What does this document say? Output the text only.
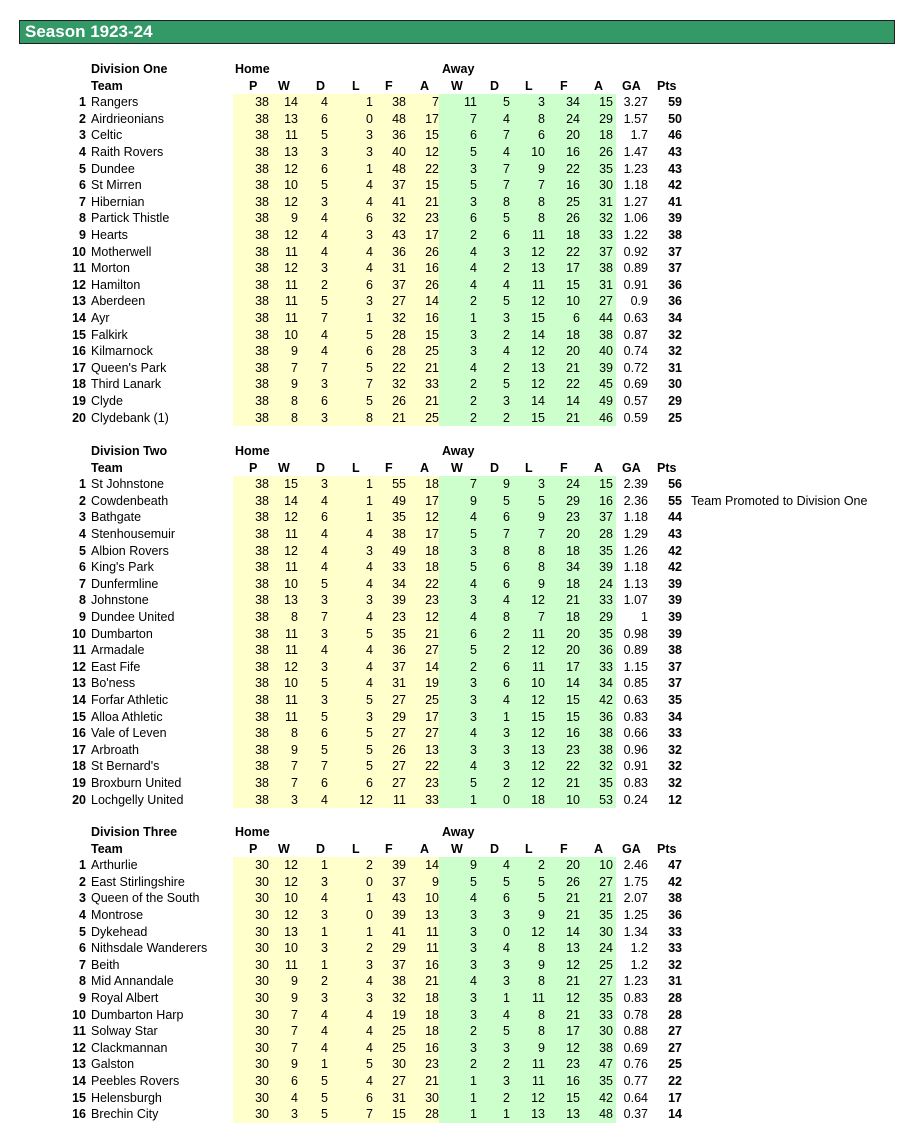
Season 1923-24
Division One	Home	Away
Team	P W D L F A W D L F A GA Pts
1 Rangers	38	14	4	1	38	7	11	5	3	34	15 3.27	59
2 Airdrieonians	38	13	6	0	48	17	7	4	8	24	29 1.57	50
3 Celtic	38	11	5	3	36	15	6	7	6	20	18	1.7	46
4 Raith Rovers	38	13	3	3	40	12	5	4	10	16	26 1.47	43
5 Dundee	38	12	6	1	48	22	3	7	9	22	35 1.23	43
6 St Mirren	38	10	5	4	37	15	5	7	7	16	30 1.18	42
7 Hibernian	38	12	3	4	41	21	3	8	8	25	31 1.27	41
8 Partick Thistle	38	9	4	6	32	23	6	5	8	26	32 1.06	39
9 Hearts	38	12	4	3	43	17	2	6	11	18	33 1.22	38
10 Motherwell	38	11	4	4	36	26	4	3	12	22	37 0.92	37
11 Morton	38	12	3	4	31	16	4	2	13	17	38 0.89	37
12 Hamilton	38	11	2	6	37	26	4	4	11	15	31 0.91	36
13 Aberdeen	38	11	5	3	27	14	2	5	12	10	27	0.9	36
14 Ayr	38	11	7	1	32	16	1	3	15	6	44 0.63	34
15 Falkirk	38	10	4	5	28	15	3	2	14	18	38 0.87	32
16 Kilmarnock	38	9	4	6	28	25	3	4	12	20	40 0.74	32
17 Queen's Park	38	7	7	5	22	21	4	2	13	21	39 0.72	31
18 Third Lanark	38	9	3	7	32	33	2	5	12	22	45 0.69	30
19 Clyde	38	8	6	5	26	21	2	3	14	14	49 0.57	29
20 Clydebank (1)	38	8	3	8	21	25	2	2	15	21	46 0.59	25
Division Two	Home	Away
Team	P W D L F A W D L F A GA Pts
1 St Johnstone	38	15	3	1	55	18	7	9	3	24	15 2.39	56
2 Cowdenbeath	38	14	4	1	49	17	9	5	5	29	16 2.36	55 Team Promoted to Division One
3 Bathgate	38	12	6	1	35	12	4	6	9	23	37 1.18	44
4 Stenhousemuir	38	11	4	4	38	17	5	7	7	20	28 1.29	43
5 Albion Rovers	38	12	4	3	49	18	3	8	8	18	35 1.26	42
6 King's Park	38	11	4	4	33	18	5	6	8	34	39 1.18	42
7 Dunfermline	38	10	5	4	34	22	4	6	9	18	24 1.13	39
8 Johnstone	38	13	3	3	39	23	3	4	12	21	33 1.07	39
9 Dundee United	38	8	7	4	23	12	4	8	7	18	29	1	39
10 Dumbarton	38	11	3	5	35	21	6	2	11	20	35 0.98	39
11 Armadale	38	11	4	4	36	27	5	2	12	20	36 0.89	38
12 East Fife	38	12	3	4	37	14	2	6	11	17	33 1.15	37
13 Bo'ness	38	10	5	4	31	19	3	6	10	14	34 0.85	37
14 Forfar Athletic	38	11	3	5	27	25	3	4	12	15	42 0.63	35
15 Alloa Athletic	38	11	5	3	29	17	3	1	15	15	36 0.83	34
16 Vale of Leven	38	8	6	5	27	27	4	3	12	16	38 0.66	33
17 Arbroath	38	9	5	5	26	13	3	3	13	23	38 0.96	32
18 St Bernard's	38	7	7	5	27	22	4	3	12	22	32 0.91	32
19 Broxburn United	38	7	6	6	27	23	5	2	12	21	35 0.83	32
20 Lochgelly United	38	3	4	12	11	33	1	0	18	10	53 0.24	12
Division Three	Home	Away
Team	P W D L F A W D L F A GA Pts
1 Arthurlie	30	12	1	2	39	14	9	4	2	20	10 2.46	47
2 East Stirlingshire	30	12	3	0	37	9	5	5	5	26	27 1.75	42
3 Queen of the South	30	10	4	1	43	10	4	6	5	21	21 2.07	38
4 Montrose	30	12	3	0	39	13	3	3	9	21	35 1.25	36
5 Dykehead	30	13	1	1	41	11	3	0	12	14	30 1.34	33
6 Nithsdale Wanderers	30	10	3	2	29	11	3	4	8	13	24	1.2	33
7 Beith	30	11	1	3	37	16	3	3	9	12	25	1.2	32
8 Mid Annandale	30	9	2	4	38	21	4	3	8	21	27 1.23	31
9 Royal Albert	30	9	3	3	32	18	3	1	11	12	35 0.83	28
10 Dumbarton Harp	30	7	4	4	19	18	3	4	8	21	33 0.78	28
11 Solway Star	30	7	4	4	25	18	2	5	8	17	30 0.88	27
12 Clackmannan	30	7	4	4	25	16	3	3	9	12	38 0.69	27
13 Galston	30	9	1	5	30	23	2	2	11	23	47 0.76	25
14 Peebles Rovers	30	6	5	4	27	21	1	3	11	16	35 0.77	22
15 Helensburgh	30	4	5	6	31	30	1	2	12	15	42 0.64	17
16 Brechin City	30	3	5	7	15	28	1	1	13	13	48 0.37	14
